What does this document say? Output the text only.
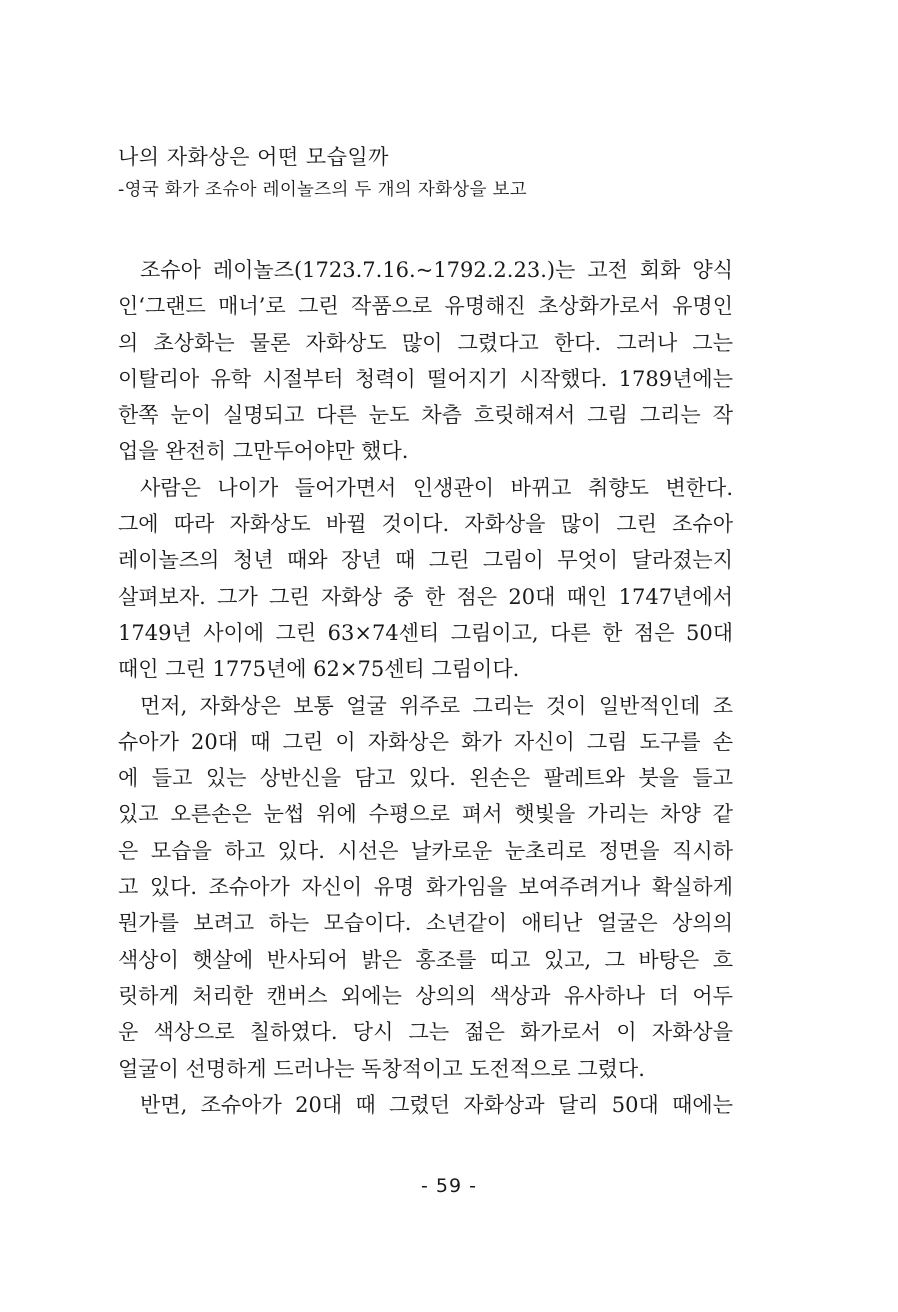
나의 자화상은 어떤 모습일까
-영국 화가 조슈아 레이놀즈의 두 개의 자화상을 보고
조슈아 레이놀즈(1723.7.16.~1792.2.23.)는 고전 회화 양식
인‘그랜드 매너’로 그린 작품으로 유명해진 초상화가로서 유명인
의 초상화는 물론 자화상도 많이 그렸다고 한다. 그러나 그는
이탈리아 유학 시절부터 청력이 떨어지기 시작했다. 1789년에는
한쪽 눈이 실명되고 다른 눈도 차츰 흐릿해져서 그림 그리는 작
업을 완전히 그만두어야만 했다.
사람은 나이가 들어가면서 인생관이 바뀌고 취향도 변한다.
그에 따라 자화상도 바뀔 것이다. 자화상을 많이 그린 조슈아
레이놀즈의 청년 때와 장년 때 그린 그림이 무엇이 달라졌는지
살펴보자. 그가 그린 자화상 중 한 점은 20대 때인 1747년에서
1749년 사이에 그린 63×74센티 그림이고, 다른 한 점은 50대
때인 그린 1775년에 62×75센티 그림이다.
먼저, 자화상은 보통 얼굴 위주로 그리는 것이 일반적인데 조
슈아가 20대 때 그린 이 자화상은 화가 자신이 그림 도구를 손
에 들고 있는 상반신을 담고 있다. 왼손은 팔레트와 붓을 들고
있고 오른손은 눈썹 위에 수평으로 펴서 햇빛을 가리는 차양 같
은 모습을 하고 있다. 시선은 날카로운 눈초리로 정면을 직시하
고 있다. 조슈아가 자신이 유명 화가임을 보여주려거나 확실하게
뭔가를 보려고 하는 모습이다. 소년같이 애티난 얼굴은 상의의
색상이 햇살에 반사되어 밝은 홍조를 띠고 있고, 그 바탕은 흐
릿하게 처리한 캔버스 외에는 상의의 색상과 유사하나 더 어두
운 색상으로 칠하였다. 당시 그는 젊은 화가로서 이 자화상을
얼굴이 선명하게 드러나는 독창적이고 도전적으로 그렸다.
반면, 조슈아가 20대 때 그렸던 자화상과 달리 50대 때에는
- 59 -
